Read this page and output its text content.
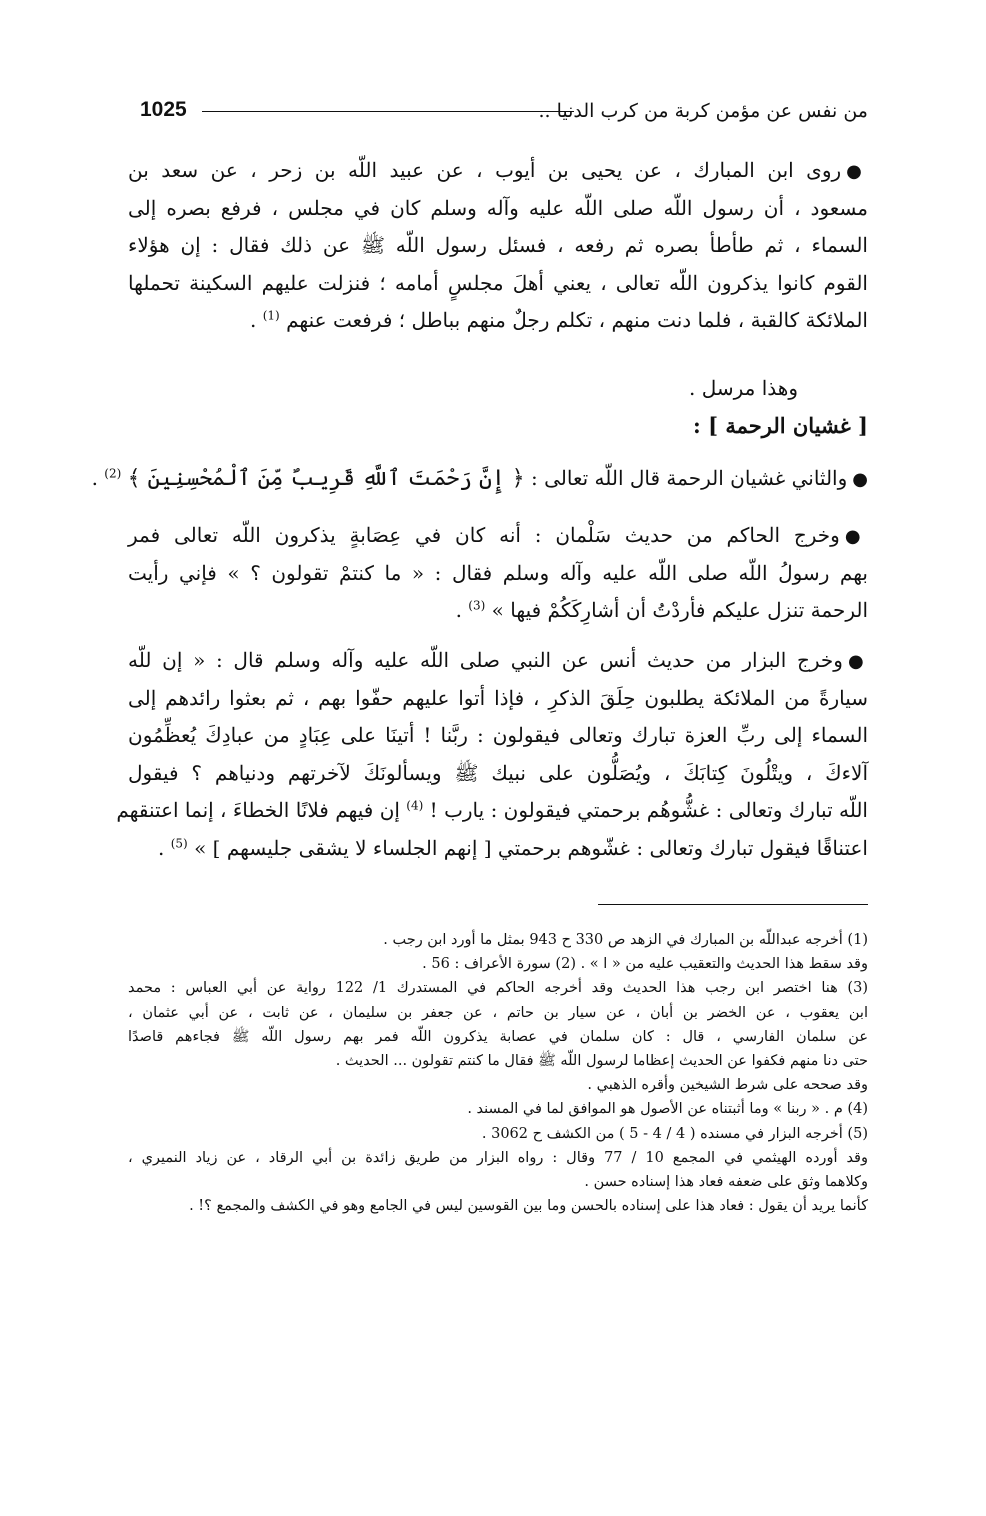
1025	من نفس عن مؤمن كربة من كرب الدنيا ..
●روى ابن المبارك ، عن يحيى بن أيوب ، عن عبيد اللّه بن زحر ، عن سعد بن
مسعود ، أن رسول اللّه صلى اللّه عليه وآله وسلم كان في مجلس ، فرفع بصره إلى
السماء ، ثم طأطأ بصره ثم رفعه ، فسئل رسول اللّه ﷺ عن ذلك فقال : إن هؤلاء
القوم كانوا يذكرون اللّه تعالى ، يعني أهلَ مجلسٍ أمامه ؛ فنزلت عليهم السكينة تحملها
الملائكة كالقبة ، فلما دنت منهم ، تكلم رجلٌ منهم بباطل ؛ فرفعت عنهم $^{(1)}$ .
وهذا مرسل .
[ غشيان الرحمة ] :
●والثاني غشيان الرحمة قال اللّه تعالى : ﴿ إِنَّ رَحْمَتَ ٱللَّهِ قَرِيبٌ مِّنَ ٱلْمُحْسِنِينَ ﴾ $^{(2)}$ .
●وخرج الحاكم من حديث سَلْمان : أنه كان في عِصَابةٍ يذكرون اللّه تعالى فمر
بهم رسولُ اللّه صلى اللّه عليه وآله وسلم فقال : « ما كنتمْ تقولون ؟ » فإني رأيت
الرحمة تنزل عليكم فأردْتُ أن أشارِكَكُمْ فيها » $^{(3)}$ .
●وخرج البزار من حديث أنس عن النبي صلى اللّه عليه وآله وسلم قال : « إن للّه
سيارةً من الملائكة يطلبون حِلَقَ الذكرِ ، فإذا أتوا عليهم حفّوا بهم ، ثم بعثوا رائدهم إلى
السماء إلى ربِّ العزة تبارك وتعالى فيقولون : ربَّنا ! أتينَا على عِبَادٍ من عبادِكَ يُعظِّمُون
آلاءكَ ، ويتْلُونَ كِتابَكَ ، ويُصَلُّون على نبيك ﷺ ويسألونَكَ لآخرتهم ودنياهم ؟ فيقول
اللّه تبارك وتعالى : غشُّوهُم برحمتي فيقولون : يارب ! $^{(4)}$ إن فيهم فلانًا الخطاءَ ، إنما اعتنقهم
اعتناقًا فيقول تبارك وتعالى : غشّوهم برحمتي [ إنهم الجلساء لا يشقى جليسهم ] » $^{(5)}$ .
(1) أخرجه عبداللّه بن المبارك في الزهد ص 330 ح 943 بمثل ما أورد ابن رجب .
وقد سقط هذا الحديث والتعقيب عليه من « ا » . (2) سورة الأعراف : 56 .
(3) هنا اختصر ابن رجب هذا الحديث وقد أخرجه الحاكم في المستدرك 1/ 122 رواية عن أبي العباس : محمد
ابن يعقوب ، عن الخضر بن أبان ، عن سيار بن حاتم ، عن جعفر بن سليمان ، عن ثابت ، عن أبي عثمان ،
عن سلمان الفارسي ، قال : كان سلمان في عصابة يذكرون اللّه فمر بهم رسول اللّه ﷺ فجاءهم قاصدًا
حتى دنا منهم فكفوا عن الحديث إعظاما لرسول اللّه ﷺ فقال ما كنتم تقولون ... الحديث .
وقد صححه على شرط الشيخين وأقره الذهبي .
(4) م . « ربنا » وما أثبتناه عن الأصول هو الموافق لما في المسند .
(5) أخرجه البزار في مسنده ( 4 / 4 - 5 ) من الكشف ح 3062 .
وقد أورده الهيثمي في المجمع 10 / 77 وقال : رواه البزار من طريق زائدة بن أبي الرقاد ، عن زياد النميري ،
وكلاهما وثق على ضعفه فعاد هذا إسناده حسن .
كأنما يريد أن يقول : فعاد هذا على إسناده بالحسن وما بين القوسين ليس في الجامع وهو في الكشف والمجمع ؟! .
